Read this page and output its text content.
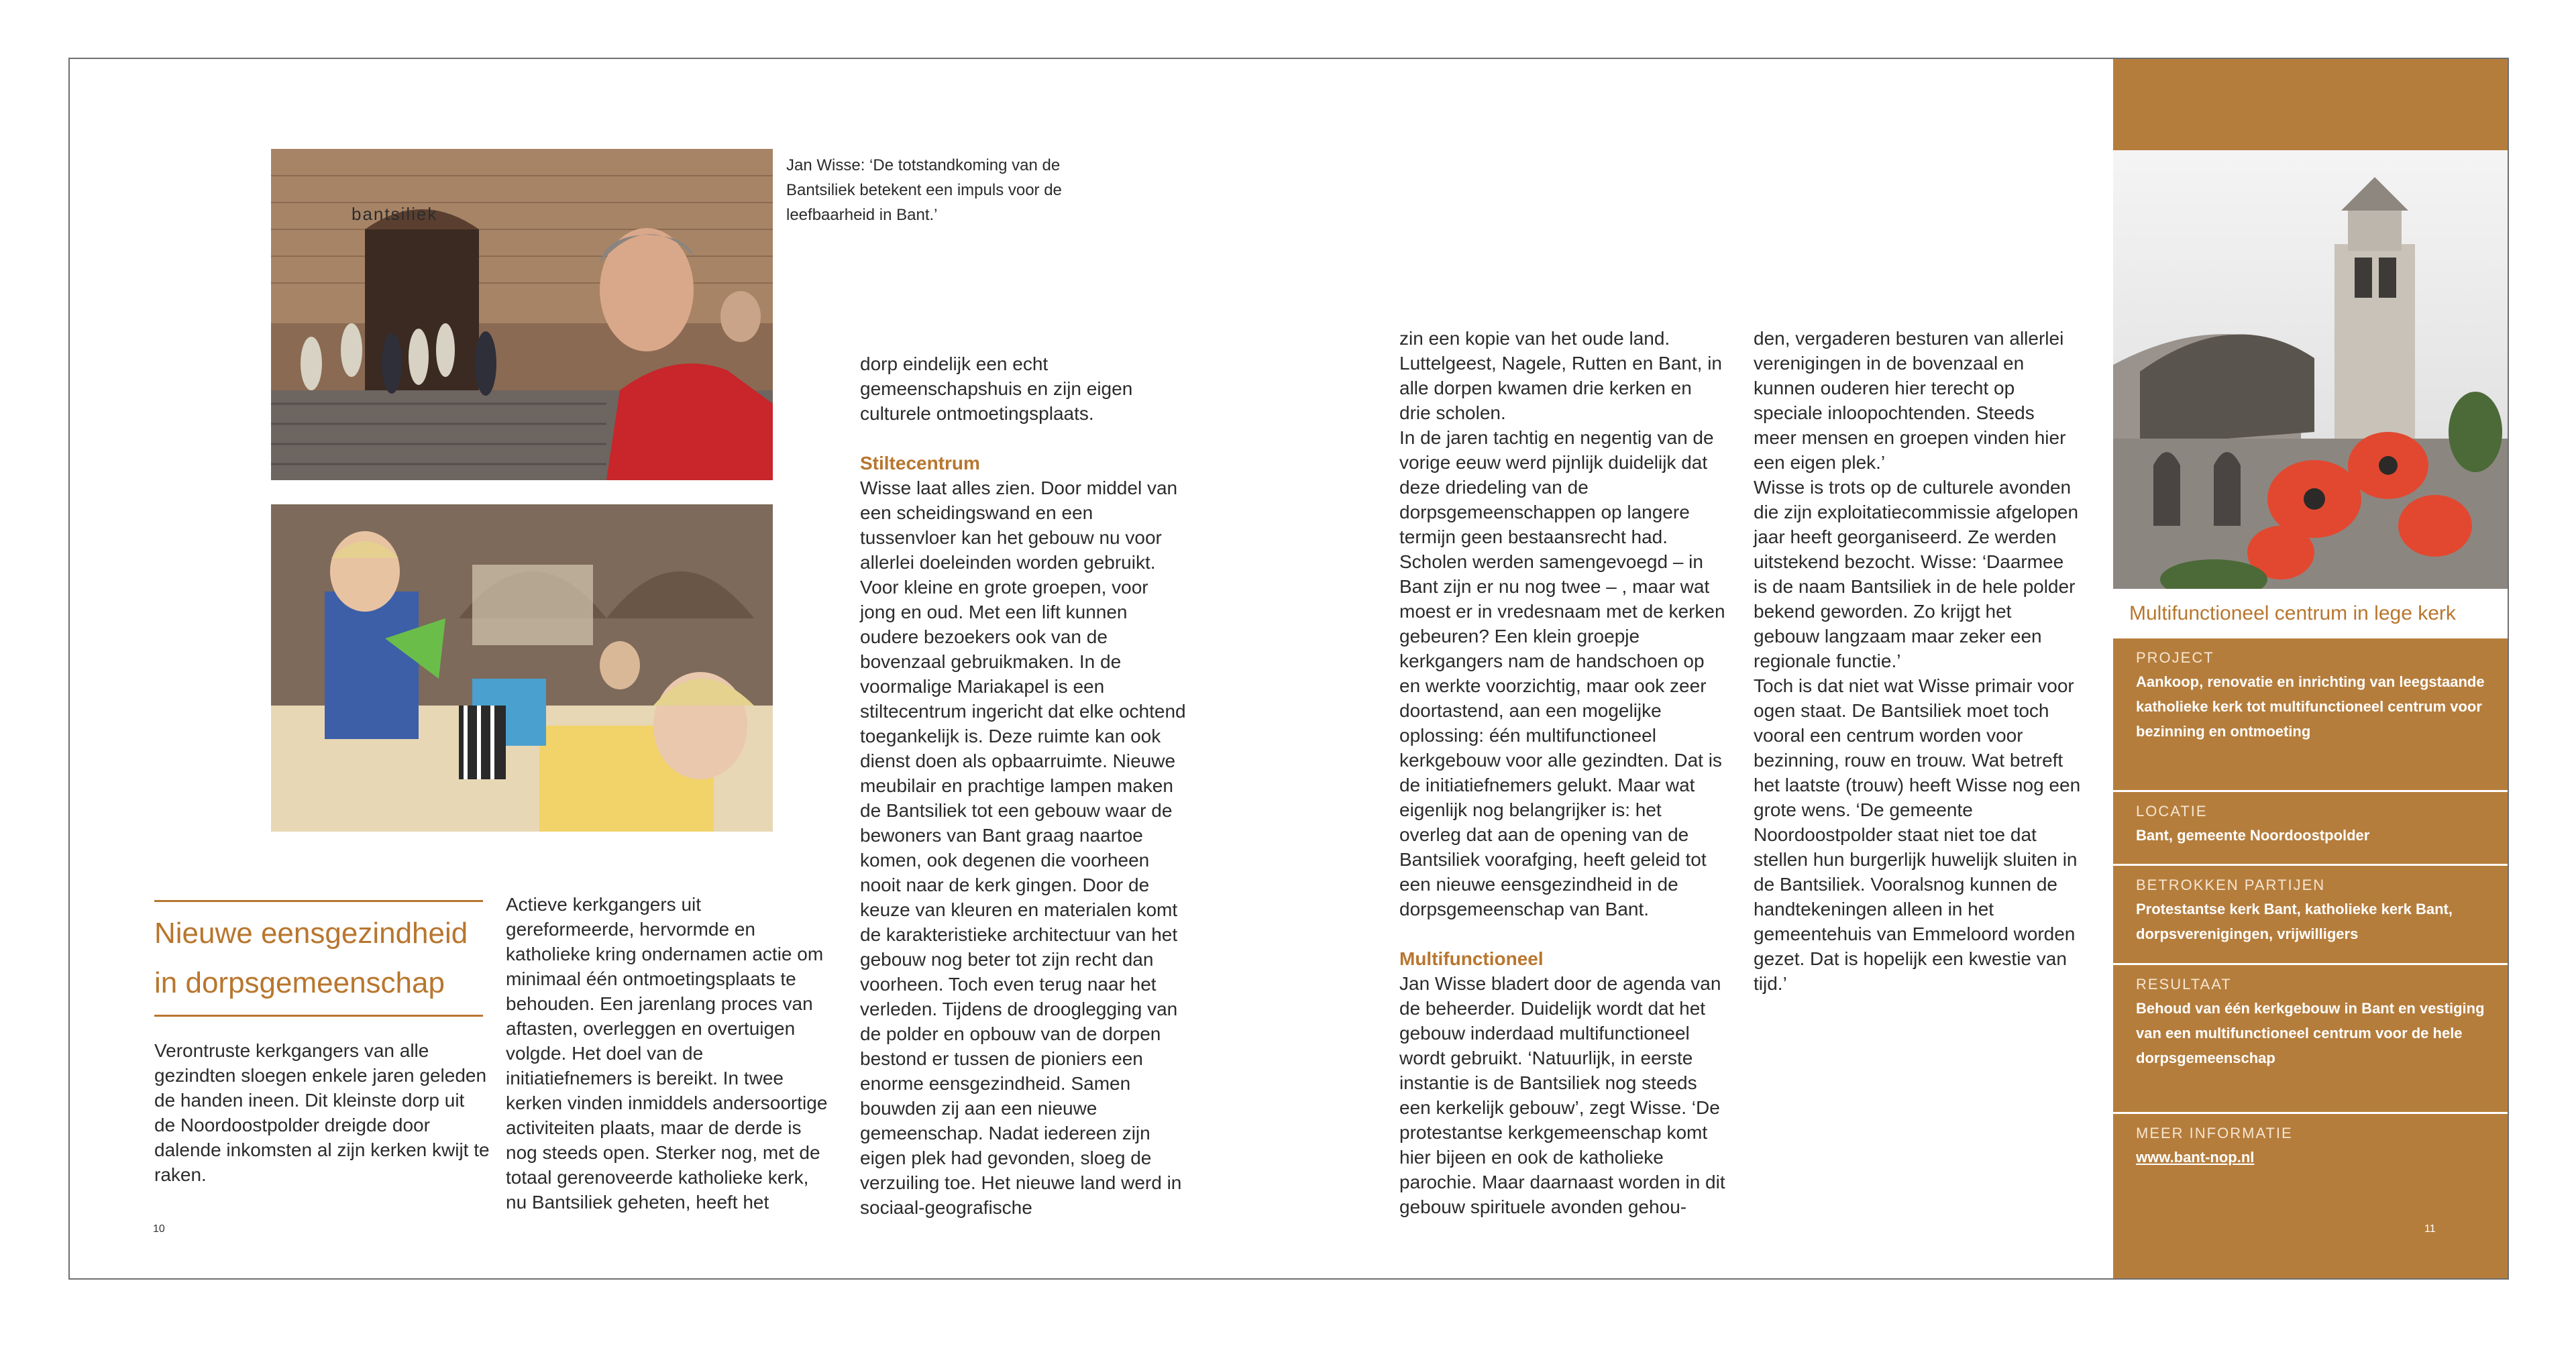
bantsiliek
Jan Wisse: ‘De totstandkoming van de Bantsiliek betekent een impuls voor de leefbaarheid in Bant.’
Nieuwe eensgezindheid
in dorpsgemeenschap
Verontruste kerkgangers van alle gezindten sloegen enkele jaren geleden de handen ineen. Dit kleinste dorp uit de Noordoostpolder dreigde door dalende inkomsten al zijn kerken kwijt te raken.

Actieve kerkgangers uit gereformeerde, hervormde en katholieke kring ondernamen actie om minimaal één ontmoetingsplaats te behouden. Een jarenlang proces van aftasten, overleggen en overtuigen volgde. Het doel van de initiatiefnemers is bereikt. In twee kerken vinden inmiddels andersoortige activiteiten plaats, maar de derde is nog steeds open. Sterker nog, met de totaal gerenoveerde katholieke kerk, nu Bantsiliek geheten, heeft het

dorp eindelijk een echt gemeenschapshuis en zijn eigen culturele ontmoetingsplaats.

Stiltecentrum

Wisse laat alles zien. Door middel van een scheidingswand en een tussenvloer kan het gebouw nu voor allerlei doeleinden worden gebruikt. Voor kleine en grote groepen, voor jong en oud. Met een lift kunnen oudere bezoekers ook van de bovenzaal gebruikmaken. In de voormalige Mariakapel is een stiltecentrum ingericht dat elke ochtend toegankelijk is. Deze ruimte kan ook dienst doen als opbaarruimte. Nieuwe meubilair en prachtige lampen maken de Bantsiliek tot een gebouw waar de bewoners van Bant graag naartoe komen, ook degenen die voorheen nooit naar de kerk gingen. Door de keuze van kleuren en materialen komt de karakteristieke architectuur van het gebouw nog beter tot zijn recht dan voorheen. Toch even terug naar het verleden. Tijdens de drooglegging van de polder en opbouw van de dorpen bestond er tussen de pioniers een enorme eensgezindheid. Samen bouwden zij aan een nieuwe gemeenschap. Nadat iedereen zijn eigen plek had gevonden, sloeg de verzuiling toe. Het nieuwe land werd in sociaal-geografische

zin een kopie van het oude land. Luttelgeest, Nagele, Rutten en Bant, in alle dorpen kwamen drie kerken en drie scholen.

In de jaren tachtig en negentig van de vorige eeuw werd pijnlijk duidelijk dat deze driedeling van de dorpsgemeenschappen op langere termijn geen bestaansrecht had. Scholen werden samengevoegd – in Bant zijn er nu nog twee – , maar wat moest er in vredesnaam met de kerken gebeuren? Een klein groepje kerkgangers nam de handschoen op en werkte voorzichtig, maar ook zeer doortastend, aan een mogelijke oplossing: één multifunctioneel kerkgebouw voor alle gezindten. Dat is de initiatiefnemers gelukt. Maar wat eigenlijk nog belangrijker is: het overleg dat aan de opening van de Bantsiliek voorafging, heeft geleid tot een nieuwe eensgezindheid in de dorpsgemeenschap van Bant.

Multifunctioneel

Jan Wisse bladert door de agenda van de beheerder. Duidelijk wordt dat het gebouw inderdaad multifunctioneel wordt gebruikt. ‘Natuurlijk, in eerste instantie is de Bantsiliek nog steeds een kerkelijk gebouw’, zegt Wisse. ‘De protestantse kerkgemeenschap komt hier bijeen en ook de katholieke parochie. Maar daarnaast worden in dit gebouw spirituele avonden gehou-

den, vergaderen besturen van allerlei verenigingen in de bovenzaal en kunnen ouderen hier terecht op speciale inloopochtenden. Steeds meer mensen en groepen vinden hier een eigen plek.’

Wisse is trots op de culturele avonden die zijn exploitatiecommissie afgelopen jaar heeft georganiseerd. Ze werden uitstekend bezocht. Wisse: ‘Daarmee is de naam Bantsiliek in de hele polder bekend geworden. Zo krijgt het gebouw langzaam maar zeker een regionale functie.’

Toch is dat niet wat Wisse primair voor ogen staat. De Bantsiliek moet toch vooral een centrum worden voor bezinning, rouw en trouw. Wat betreft het laatste (trouw) heeft Wisse nog een grote wens. ‘De gemeente Noordoostpolder staat niet toe dat stellen hun burgerlijk huwelijk sluiten in de Bantsiliek. Vooralsnog kunnen de handtekeningen alleen in het gemeentehuis van Emmeloord worden gezet. Dat is hopelijk een kwestie van tijd.’

10
Multifunctioneel centrum in lege kerk
PROJECT
Aankoop, renovatie en inrichting van leegstaande katholieke kerk tot multifunctioneel centrum voor bezinning en ontmoeting
LOCATIE
Bant, gemeente Noordoostpolder
BETROKKEN PARTIJEN
Protestantse kerk Bant, katholieke kerk Bant, dorpsverenigingen, vrijwilligers
RESULTAAT
Behoud van één kerkgebouw in Bant en vestiging van een multifunctioneel centrum voor de hele dorpsgemeenschap
MEER INFORMATIE
www.bant-nop.nl
11
